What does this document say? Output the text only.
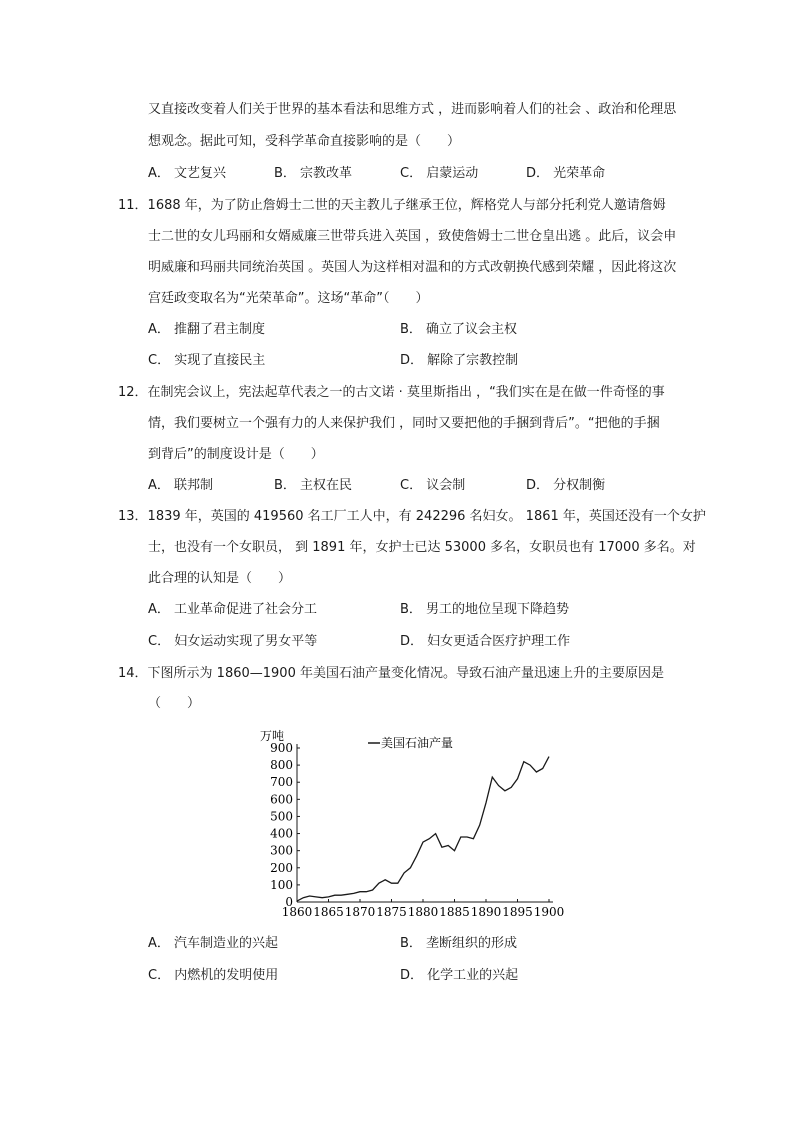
又直接改变着人们关于世界的基本看法和思维方式 ，进而影响着人们的社会 、政治和伦理思
想观念。据此可知，受科学革命直接影响的是（　　）
A． 文艺复兴	B． 宗教改革	C． 启蒙运动	D． 光荣革命
11．1688 年，为了防止詹姆士二世的天主教儿子继承王位，辉格党人与部分托利党人邀请詹姆
士二世的女儿玛丽和女婿威廉三世带兵进入英国 ，致使詹姆士二世仓皇出逃 。此后，议会申
明威廉和玛丽共同统治英国 。英国人为这样相对温和的方式改朝换代感到荣耀 ，因此将这次
宫廷政变取名为“光荣革命”。这场“革命”（　　）
A． 推翻了君主制度	B． 确立了议会主权
C． 实现了直接民主	D． 解除了宗教控制
12．在制宪会议上，宪法起草代表之一的古文诺 · 莫里斯指出 ，“我们实在是在做一件奇怪的事
情，我们要树立一个强有力的人来保护我们 ，同时又要把他的手捆到背后”。“把他的手捆
到背后”的制度设计是（　　）
A． 联邦制	B． 主权在民	C． 议会制	D． 分权制衡
13．1839 年，英国的 419560 名工厂工人中，有 242296 名妇女。 1861 年，英国还没有一个女护
士，也没有一个女职员， 到 1891 年，女护士已达 53000 多名，女职员也有 17000 多名。对
此合理的认知是（　　）
A． 工业革命促进了社会分工	B． 男工的地位呈现下降趋势
C． 妇女运动实现了男女平等	D． 妇女更适合医疗护理工作
14．下图所示为 1860—1900 年美国石油产量变化情况。导致石油产量迅速上升的主要原因是
（　　）
0
100
200
300
400
500
600
700
800
900
1860 1865 1870 1875 1880 1885 1890 1895 1900
万吨	美国石油产量
A． 汽车制造业的兴起	B． 垄断组织的形成
C． 内燃机的发明使用	D． 化学工业的兴起
